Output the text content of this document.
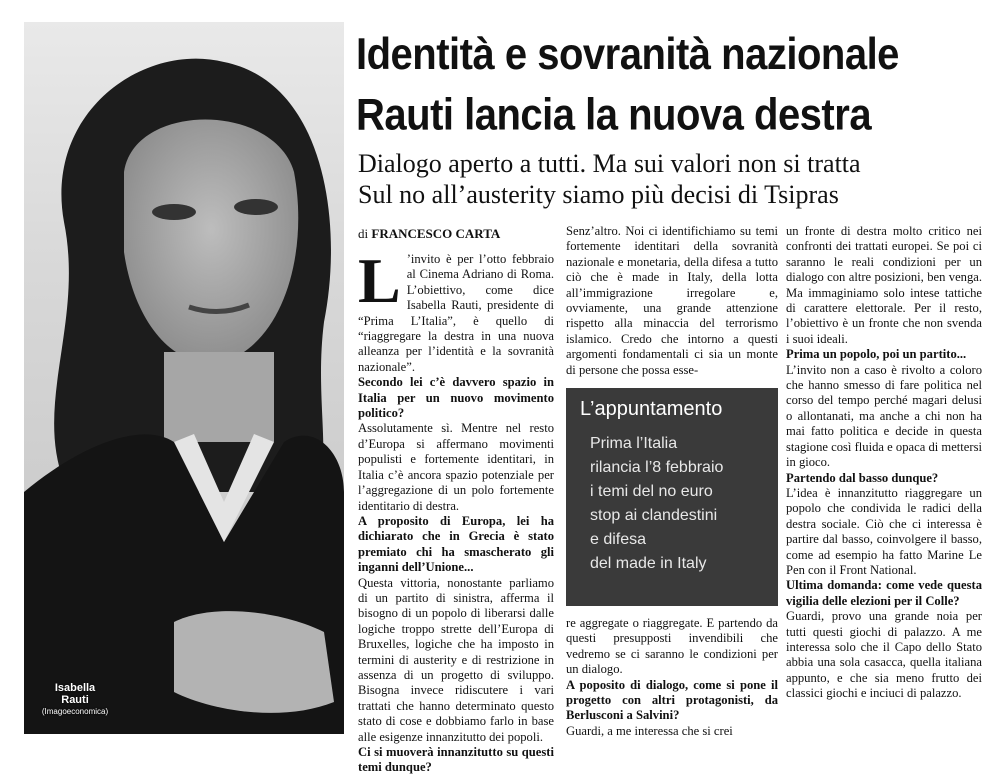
Isabella
Rauti
(Imagoeconomica)
Identità e sovranità nazionale
Rauti lancia la nuova destra
Dialogo aperto a tutti. Ma sui valori non si tratta
Sul no all’austerity siamo più decisi di Tsipras
di FRANCESCO CARTA

L ’invito è per l’otto febbraio al Cinema Adriano di Roma. L’obiettivo, come dice Isabella Rauti, presidente di “Prima L’Italia”, è quello di “riaggregare la destra in una nuova alleanza per l’identità e la sovranità nazionale”.

Secondo lei c’è davvero spazio in Italia per un nuovo movimento politico?

Assolutamente sì. Mentre nel resto d’Europa si affermano movimenti populisti e fortemente identitari, in Italia c’è ancora spazio potenziale per l’aggregazione di un polo fortemente identitario di destra.

A proposito di Europa, lei ha dichiarato che in Grecia è stato premiato chi ha smascherato gli inganni dell’Unione...

Questa vittoria, nonostante parliamo di un partito di sinistra, afferma il bisogno di un popolo di liberarsi dalle logiche troppo strette dell’Europa di Bruxelles, logiche che ha imposto in termini di austerity e di restrizione in assenza di un progetto di sviluppo. Bisogna invece ridiscutere i vari trattati che hanno determinato questo stato di cose e dobbiamo farlo in base alle esigenze innanzitutto dei popoli.

Ci si muoverà innanzitutto su questi temi dunque?

Senz’altro. Noi ci identifichiamo su temi fortemente identitari della sovranità nazionale e monetaria, della difesa a tutto ciò che è made in Italy, della lotta all’immigrazione irregolare e, ovviamente, una grande attenzione rispetto alla minaccia del terrorismo islamico. Credo che intorno a questi argomenti fondamentali ci sia un monte di persone che possa esse-

L’appuntamento
Prima l’Italia
rilancia l’8 febbraio
i temi del no euro
stop ai clandestini
e difesa
del made in Italy

re aggregate o riaggregate. E partendo da questi presupposti invendibili che vedremo se ci saranno le condizioni per un dialogo.

A poposito di dialogo, come si pone il progetto con altri protagonisti, da Berlusconi a Salvini?

Guardi, a me interessa che si crei

un fronte di destra molto critico nei confronti dei trattati europei. Se poi ci saranno le reali condizioni per un dialogo con altre posizioni, ben venga. Ma immaginiamo solo intese tattiche di carattere elettorale. Per il resto, l’obiettivo è un fronte che non svenda i suoi ideali.

Prima un popolo, poi un partito...

L’invito non a caso è rivolto a coloro che hanno smesso di fare politica nel corso del tempo perché magari delusi o allontanati, ma anche a chi non ha mai fatto politica e decide in questa stagione così fluida e opaca di mettersi in gioco.

Partendo dal basso dunque?

L’idea è innanzitutto riaggregare un popolo che condivida le radici della destra sociale. Ciò che ci interessa è partire dal basso, coinvolgere il basso, come ad esempio ha fatto Marine Le Pen con il Front National.

Ultima domanda: come vede questa vigilia delle elezioni per il Colle?

Guardi, provo una grande noia per tutti questi giochi di palazzo. A me interessa solo che il Capo dello Stato abbia una sola casacca, quella italiana appunto, e che sia meno frutto dei classici giochi e inciuci di palazzo.
